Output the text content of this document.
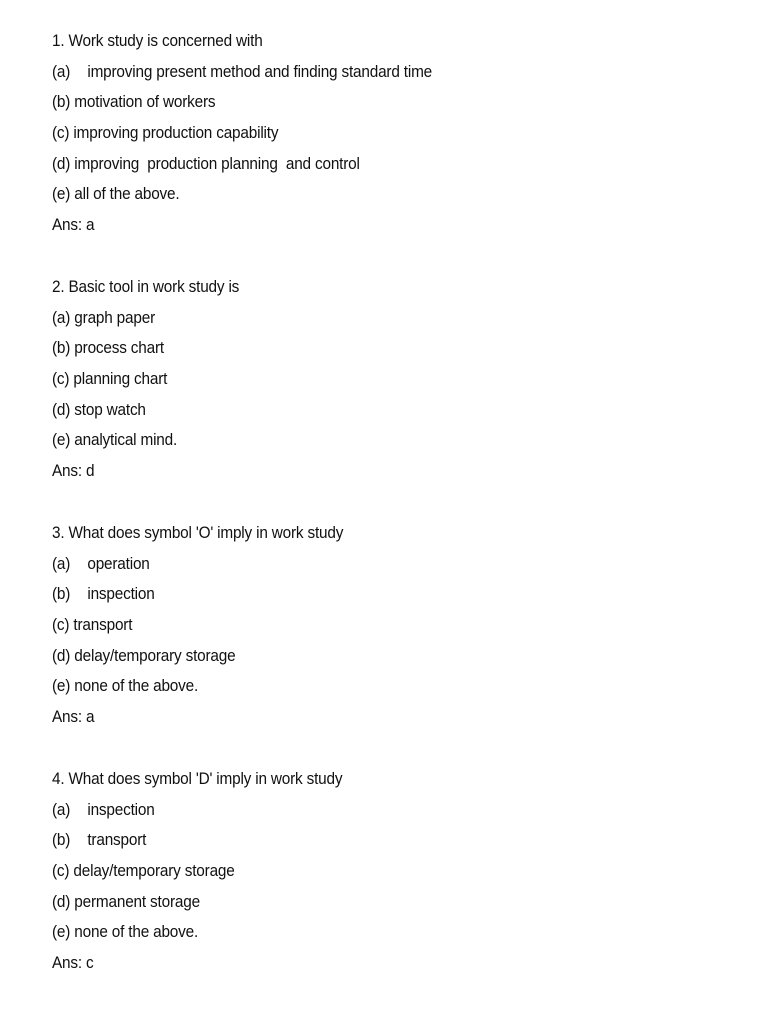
1. Work study is concerned with
(a) improving present method and finding standard time
(b) motivation of workers
(c) improving production capability
(d) improving  production planning  and control
(e) all of the above.
Ans: a
2. Basic tool in work study is
(a) graph paper
(b) process chart
(c) planning chart
(d) stop watch
(e) analytical mind.
Ans: d
3. What does symbol 'O' imply in work study
(a) operation
(b) inspection
(c) transport
(d) delay/temporary storage
(e) none of the above.
Ans: a
4. What does symbol 'D' imply in work study
(a) inspection
(b) transport
(c) delay/temporary storage
(d) permanent storage
(e) none of the above.
Ans: c
